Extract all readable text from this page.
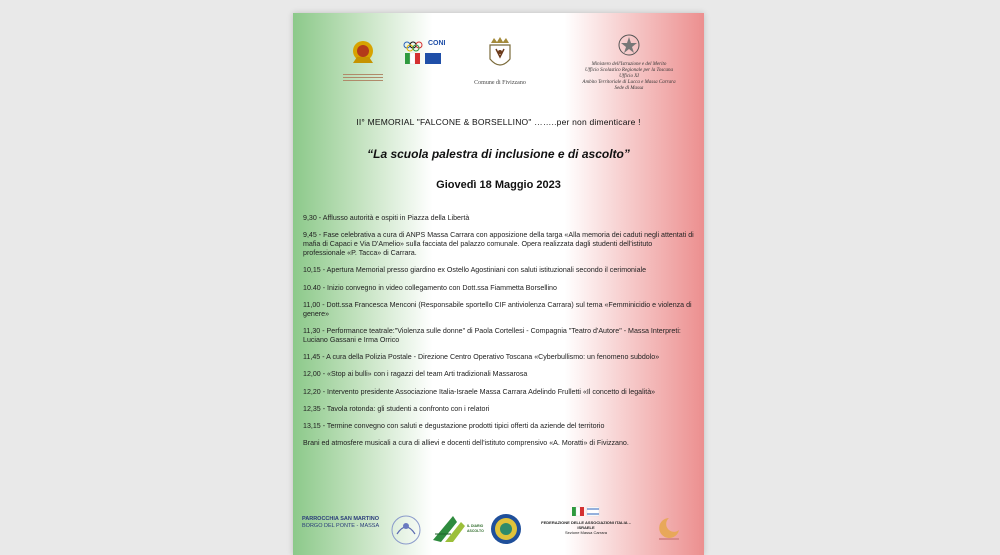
CONI
Comune di Fivizzano
Ministero dell'Istruzione e del Merito
Ufficio Scolastico Regionale per la Toscana
Ufficio XI
Ambito Territoriale di Lucca e Massa Carrara
Sede di Massa
II° MEMORIAL "FALCONE & BORSELLINO" ……..per non dimenticare !
“La scuola palestra di inclusione e di ascolto”
Giovedì 18 Maggio 2023
9,30 - Afflusso autorità e ospiti in Piazza della Libertà
9,45 - Fase celebrativa a cura di ANPS Massa Carrara con apposizione della targa «Alla memoria dei caduti negli attentati di mafia di Capaci e Via D'Amelio» sulla facciata del palazzo comunale. Opera realizzata dagli studenti dell'istituto professionale «P. Tacca» di Carrara.
10,15 - Apertura Memorial presso giardino ex Ostello Agostiniani con saluti istituzionali secondo il cerimoniale
10.40 - Inizio convegno in video collegamento con Dott.ssa Fiammetta Borsellino
11,00 - Dott.ssa Francesca Menconi (Responsabile sportello CIF antiviolenza Carrara) sul tema «Femminicidio e violenza di genere»
11,30 - Performance teatrale:"Violenza sulle donne" di Paola Cortellesi - Compagnia "Teatro d'Autore" - Massa Interpreti: Luciano Gassani e Irma Orrico
11,45 - A cura della Polizia Postale - Direzione Centro Operativo Toscana «Cyberbullismo: un fenomeno subdolo»
12,00 - «Stop ai bulli» con i ragazzi del team Arti tradizionali Massarosa
12,20 - Intervento presidente Associazione Italia-Israele Massa Carrara Adelindo Frulletti «Il concetto di legalità»
12,35 - Tavola rotonda: gli studenti a confronto con i relatori
13,15 - Termine convegno con saluti e degustazione prodotti tipici offerti da aziende del territorio
Brani ed atmosfere musicali a cura di allievi e docenti dell'istituto comprensivo «A. Moratti» di Fivizzano.
PARROCCHIA SAN MARTINO
BORGO DEL PONTE - MASSA	IL DIARIO ASCOLTO
FEDERAZIONE DELLE ASSOCIAZIONI ITALIA – ISRAELE
Sezione Massa Carrara
